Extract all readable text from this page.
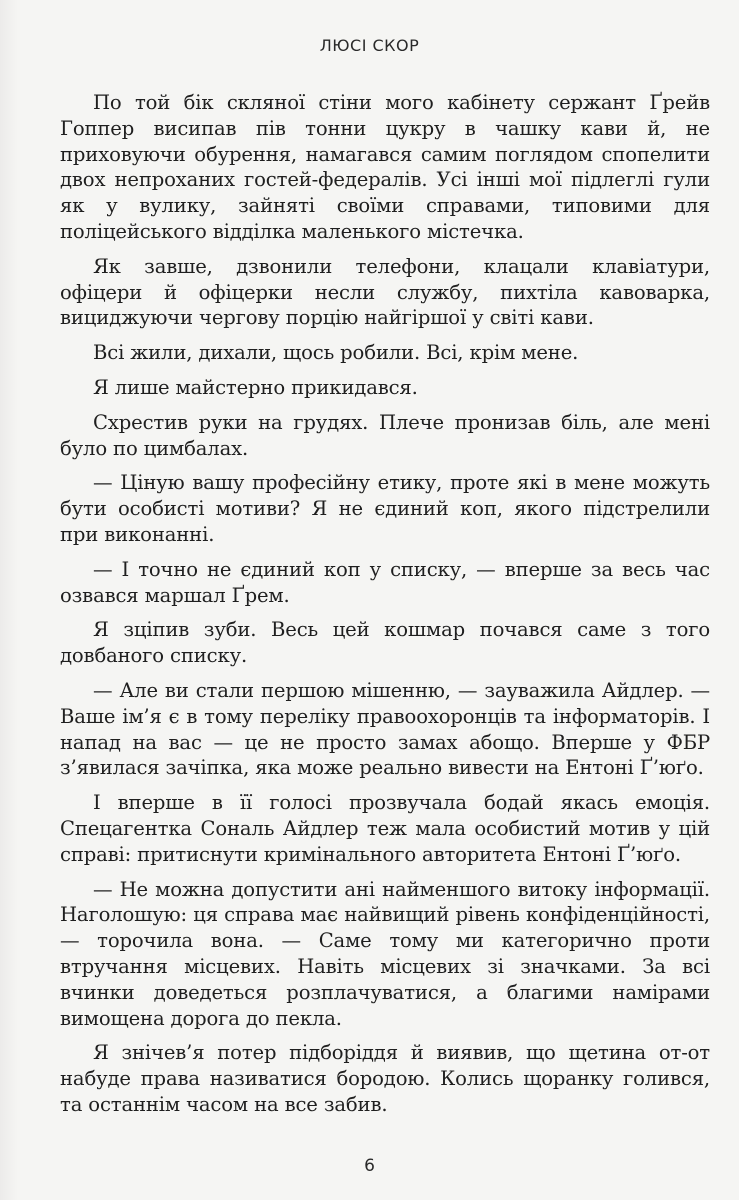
ЛЮСІ СКОР

По той бік скляної стіни мого кабінету сержант Ґрейв Гоппер висипав пів тонни цукру в чашку кави й, не приховуючи обурення, намагався самим поглядом спопелити двох непроханих гостей-федералів. Усі інші мої підлеглі гули як у вулику, зайняті своїми справами, типовими для поліцейського відділка маленького містечка.

Як завше, дзвонили телефони, клацали клавіатури, офіцери й офіцерки несли службу, пихтіла кавоварка, вициджуючи чергову порцію найгіршої у світі кави.

Всі жили, дихали, щось робили. Всі, крім мене.

Я лише майстерно прикидався.

Схрестив руки на грудях. Плече пронизав біль, але мені було по цимбалах.

— Ціную вашу професійну етику, проте які в мене можуть бути особисті мотиви? Я не єдиний коп, якого підстрелили при виконанні.

— І точно не єдиний коп у списку, — вперше за весь час озвався маршал Ґрем.

Я зціпив зуби. Весь цей кошмар почався саме з того довбаного списку.

— Але ви стали першою мішенню, — зауважила Айдлер. — Ваше ім’я є в тому переліку правоохоронців та інформаторів. І напад на вас — це не просто замах абощо. Вперше у ФБР з’явилася зачіпка, яка може реально вивести на Ентоні Ґ’юґо.

І вперше в її голосі прозвучала бодай якась емоція. Спецагентка Сональ Айдлер теж мала особистий мотив у цій справі: притиснути кримінального авторитета Ентоні Ґ’юґо.

— Не можна допустити ані найменшого витоку інформації. Наголошую: ця справа має найвищий рівень конфіденційності, — торочила вона. — Саме тому ми категорично проти втручання місцевих. Навіть місцевих зі значками. За всі вчинки доведеться розплачуватися, а благими намірами вимощена дорога до пекла.

Я знічев’я потер підборіддя й виявив, що щетина от-от набуде права називатися бородою. Колись щоранку голився, та останнім часом на все забив.

6
